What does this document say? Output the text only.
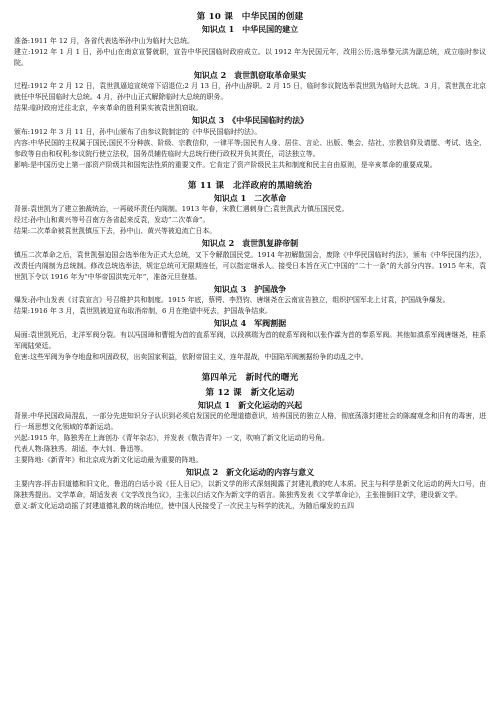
第 10 课　中华民国的创建
知识点 1　中华民国的建立

准备:1911 年 12 月，各省代表选举孙中山为临时大总统。

建立:1912 年 1 月 1 日，孙中山在南京宣誓就职，宣告中华民国临时政府成立。以 1912 年为民国元年，改用公历;选举黎元洪为副总统，成立临时参议院。

知识点 2　袁世凯窃取革命果实

过程:1912 年 2 月 12 日，袁世凯逼迫宣统帝下诏退位;2 月 13 日，孙中山辞职。2 月 15 日，临时参议院选举袁世凯为临时大总统。3 月，袁世凯在北京就任中华民国临时大总统。4 月，孙中山正式解除临时大总统的职务。

结果:临时政府迁往北京，辛亥革命的胜利果实被袁世凯窃取。

知识点 3　《中华民国临时约法》

颁布:1912 年 3 月 11 日，孙中山颁布了由参议院制定的《中华民国临时约法》。

内容:中华民国的主权属于国民;国民不分种族、阶级、宗教信仰，一律平等;国民有人身、居住、言论、出版、集会、结社、宗教信仰及请愿、考试、选全、参政等自由和权利;参议院行使立法权，国务员辅佐临时大总统行使行政权并负其责任，司法独立等。

影响:是中国历史上第一部资产阶级共和国宪法性质的重要文件。它肯定了资产阶级民主共和制度和民主自由原则，是辛亥革命的重要成果。

第 11 课　北洋政府的黑暗统治
知识点 1　二次革命

背景:袁世凯为了建立独裁统治，一再破坏责任内阁制。1913 年春，宋教仁遇刺身亡;袁世凯武力镇压国民党。

经过:孙中山和黄兴等号召南方各省起来反袁，发动“二次革命”。

结果:二次革命被袁世凯镇压下去，孙中山、黄兴等被迫流亡日本。

知识点 2　袁世凯复辟帝制

镇压二次革命之后，袁世凯强迫国会选举他为正式大总统，又下令解散国民党。1914 年初解散国会，废除《中华民国临时约法》，颁布《中华民国约法》，改责任内阁制为总统制。修改总统选举法，规定总统可无限期连任，可以指定继承人。接受日本旨在灭亡中国的“二十一条”的大部分内容。1915 年末，袁世凯下令以 1916 年为“中华帝国洪宪元年”，准备元旦登基。

知识点 3　护国战争

爆发:孙中山发表《讨袁宣言》号召维护共和制度。1915 年底，蔡锷、李烈钧、唐继尧在云南宣告独立，组织护国军北上讨袁，护国战争爆发。

结果:1916 年 3 月，袁世凯被迫宣布取消帝制，6 月在绝望中死去，护国战争结束。

知识点 4　军阀割据

局面:袁世凯死后，北洋军阀分裂。有以冯国璋和曹锟为首的直系军阀，以段祺瑞为首的皖系军阀和以张作霖为首的奉系军阀。其他如滇系军阀唐继尧，桂系军阀陆荣廷。

危害:这些军阀为争夺地盘和巩固政权，出卖国家利益，依附帝国主义，连年混战，中国陷军阀割据纷争的动乱之中。

第四单元　新时代的曙光
第 12 课　新文化运动
知识点 1　新文化运动的兴起

背景:中华民国政局混乱，一部分先进知识分子认识到必须启发国民的伦理道德意识，培养国民的独立人格，彻底荡涤封建社会的陈腐观念和旧有的毒害，进行一场思想文化领域的革新运动。

兴起:1915 年，陈独秀在上海创办《青年杂志》，并发表《敬告青年》一文，吹响了新文化运动的号角。

代表人物:陈独秀、胡适、李大钊、鲁迅等。

主要阵地:《新青年》和北京成为新文化运动最为重要的阵地。

知识点 2　新文化运动的内容与意义

主要内容:抨击旧道德和旧文化，鲁迅的白话小说《狂人日记》，以新文学的形式深刻揭露了封建礼教的吃人本质。民主与科学是新文化运动的两大口号，由陈独秀提出。文学革命，胡适发表《文学改良刍议》，主张以白话文作为新文学的语言。陈独秀发表《文学革命论》，主张推倒旧文学，建设新文学。

意义:新文化运动动摇了封建道德礼教的统治地位，使中国人民接受了一次民主与科学的洗礼，为随后爆发的五四
